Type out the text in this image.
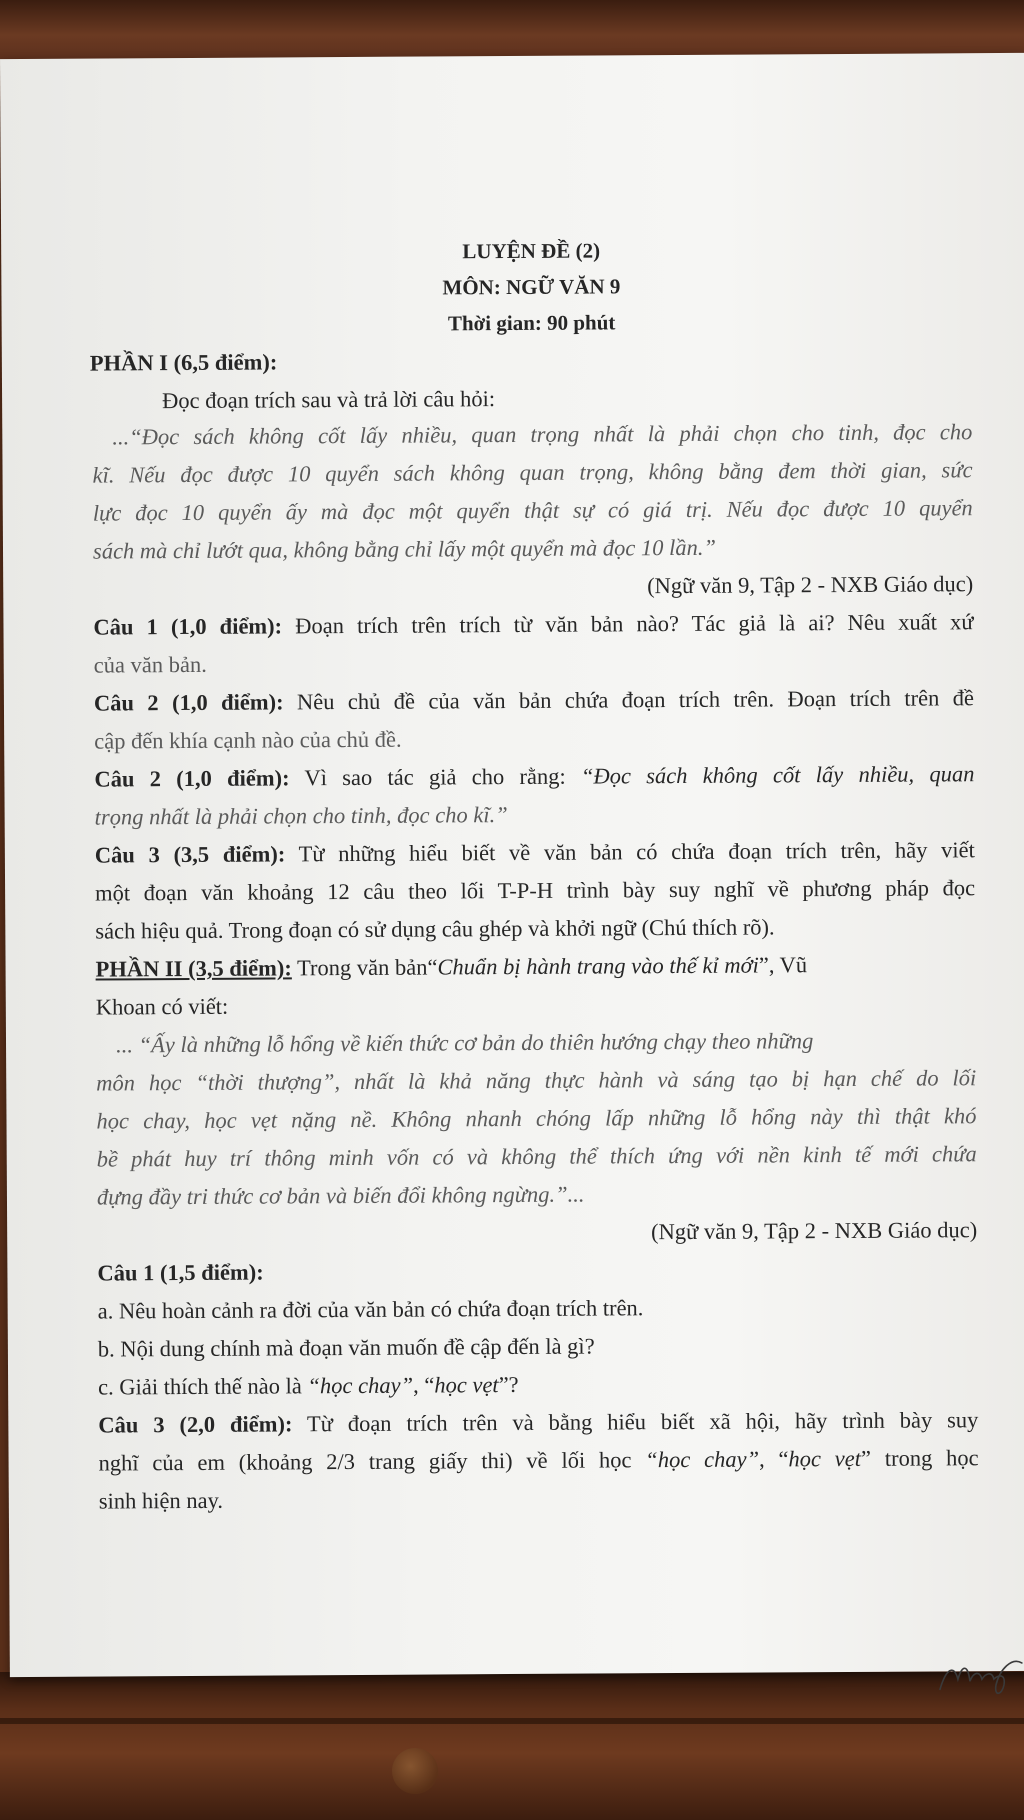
LUYỆN ĐỀ (2)
MÔN: NGỮ VĂN 9
Thời gian: 90 phút
PHẦN I (6,5 điểm):
Đọc đoạn trích sau và trả lời câu hỏi:
...“Đọc sách không cốt lấy nhiều, quan trọng nhất là phải chọn cho tinh, đọc cho
kĩ. Nếu đọc được 10 quyển sách không quan trọng, không bằng đem thời gian, sức
lực đọc 10 quyển ấy mà đọc một quyển thật sự có giá trị. Nếu đọc được 10 quyển
sách mà chỉ lướt qua, không bằng chỉ lấy một quyển mà đọc 10 lần.”
(Ngữ văn 9, Tập 2 - NXB Giáo dục)
Câu 1 (1,0 điểm): Đoạn trích trên trích từ văn bản nào? Tác giả là ai? Nêu xuất xứ
của văn bản.
Câu 2 (1,0 điểm): Nêu chủ đề của văn bản chứa đoạn trích trên. Đoạn trích trên đề
cập đến khía cạnh nào của chủ đề.
Câu 2 (1,0 điểm): Vì sao tác giả cho rằng: “Đọc sách không cốt lấy nhiều, quan
trọng nhất là phải chọn cho tinh, đọc cho kĩ.”
Câu 3 (3,5 điểm): Từ những hiểu biết về văn bản có chứa đoạn trích trên, hãy viết
một đoạn văn khoảng 12 câu theo lối T-P-H trình bày suy nghĩ về phương pháp đọc
sách hiệu quả. Trong đoạn có sử dụng câu ghép và khởi ngữ (Chú thích rõ).
PHẦN II (3,5 điểm): Trong văn bản“Chuẩn bị hành trang vào thế kỉ mới”, Vũ
Khoan có viết:
... “Ấy là những lỗ hổng về kiến thức cơ bản do thiên hướng chạy theo những
môn học “thời thượng”, nhất là khả năng thực hành và sáng tạo bị hạn chế do lối
học chay, học vẹt nặng nề. Không nhanh chóng lấp những lỗ hổng này thì thật khó
bề phát huy trí thông minh vốn có và không thể thích ứng với nền kinh tế mới chứa
đựng đầy tri thức cơ bản và biến đổi không ngừng.”...
(Ngữ văn 9, Tập 2 - NXB Giáo dục)
Câu 1 (1,5 điểm):
a. Nêu hoàn cảnh ra đời của văn bản có chứa đoạn trích trên.
b. Nội dung chính mà đoạn văn muốn đề cập đến là gì?
c. Giải thích thế nào là “học chay”, “học vẹt”?
Câu 3 (2,0 điểm): Từ đoạn trích trên và bằng hiểu biết xã hội, hãy trình bày suy
nghĩ của em (khoảng 2/3 trang giấy thi) về lối học “học chay”, “học vẹt” trong học
sinh hiện nay.
